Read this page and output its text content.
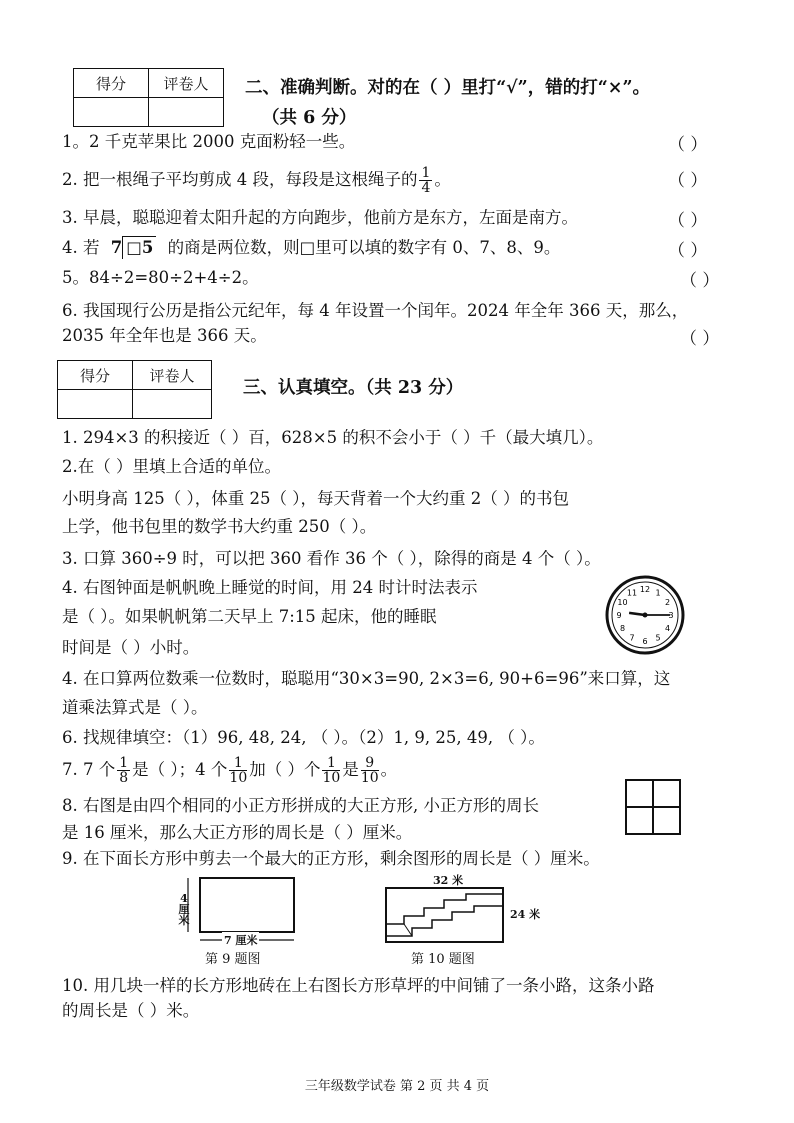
得分	评卷人
	二、准确判断。对的在（ ）里打“√”，错的打“×”。
（共 6 分）
1。2 千克苹果比 2000 克面粉轻一些。	（ ）
2. 把一根绳子平均剪成 4 段，每段是这根绳子的 $\frac{1}{4}$ 。	（ ）
3. 早晨，聪聪迎着太阳升起的方向跑步，他前方是东方，左面是南方。	（ ）
4. 若 7 □5 的商是两位数，则□里可以填的数字有 0、7、8、9。	（ ）
5。84÷2=80÷2+4÷2。	（ ）
6. 我国现行公历是指公元纪年，每 4 年设置一个闰年。2024 年全年 366 天，那么，
2035 年全年也是 366 天。	（ ）
得分	评卷人

三、认真填空。（共 23 分）
1. 294×3 的积接近（ ）百，628×5 的积不会小于（ ）千（最大填几）。
2.在（ ）里填上合适的单位。
小明身高 125（ ），体重 25（ ），每天背着一个大约重 2（ ）的书包
上学，他书包里的数学书大约重 250（ ）。
3. 口算 360÷9 时，可以把 360 看作 36 个（ ），除得的商是 4 个（ ）。
4. 右图钟面是帆帆晚上睡觉的时间，用 24 时计时法表示
是（ ）。如果帆帆第二天早上 7:15 起床，他的睡眠
时间是（ ）小时。
12 1
2
3
4
5
6
7
8
9
10
11
4. 在口算两位数乘一位数时，聪聪用“30×3=90, 2×3=6, 90+6=96”来口算，这
道乘法算式是（ ）。
6. 找规律填空：（1）96, 48, 24, （ ）。（2）1, 9, 25, 49, （ ）。
7. 7 个 $\frac{1}{8}$ 是（ ）；4 个 $\frac{1}{10}$ 加（ ）个 $\frac{1}{10}$ 是 $\frac{9}{10}$ 。
8. 右图是由四个相同的小正方形拼成的大正方形, 小正方形的周长
是 16 厘米，那么大正方形的周长是（ ）厘米。
9. 在下面长方形中剪去一个最大的正方形，剩余图形的周长是（ ）厘米。
4厘米
7 厘米
第 9 题图
32 米
24 米
第 10 题图
10. 用几块一样的长方形地砖在上右图长方形草坪的中间铺了一条小路，这条小路
的周长是（ ）米。
三年级数学试卷 第 2 页 共 4 页
